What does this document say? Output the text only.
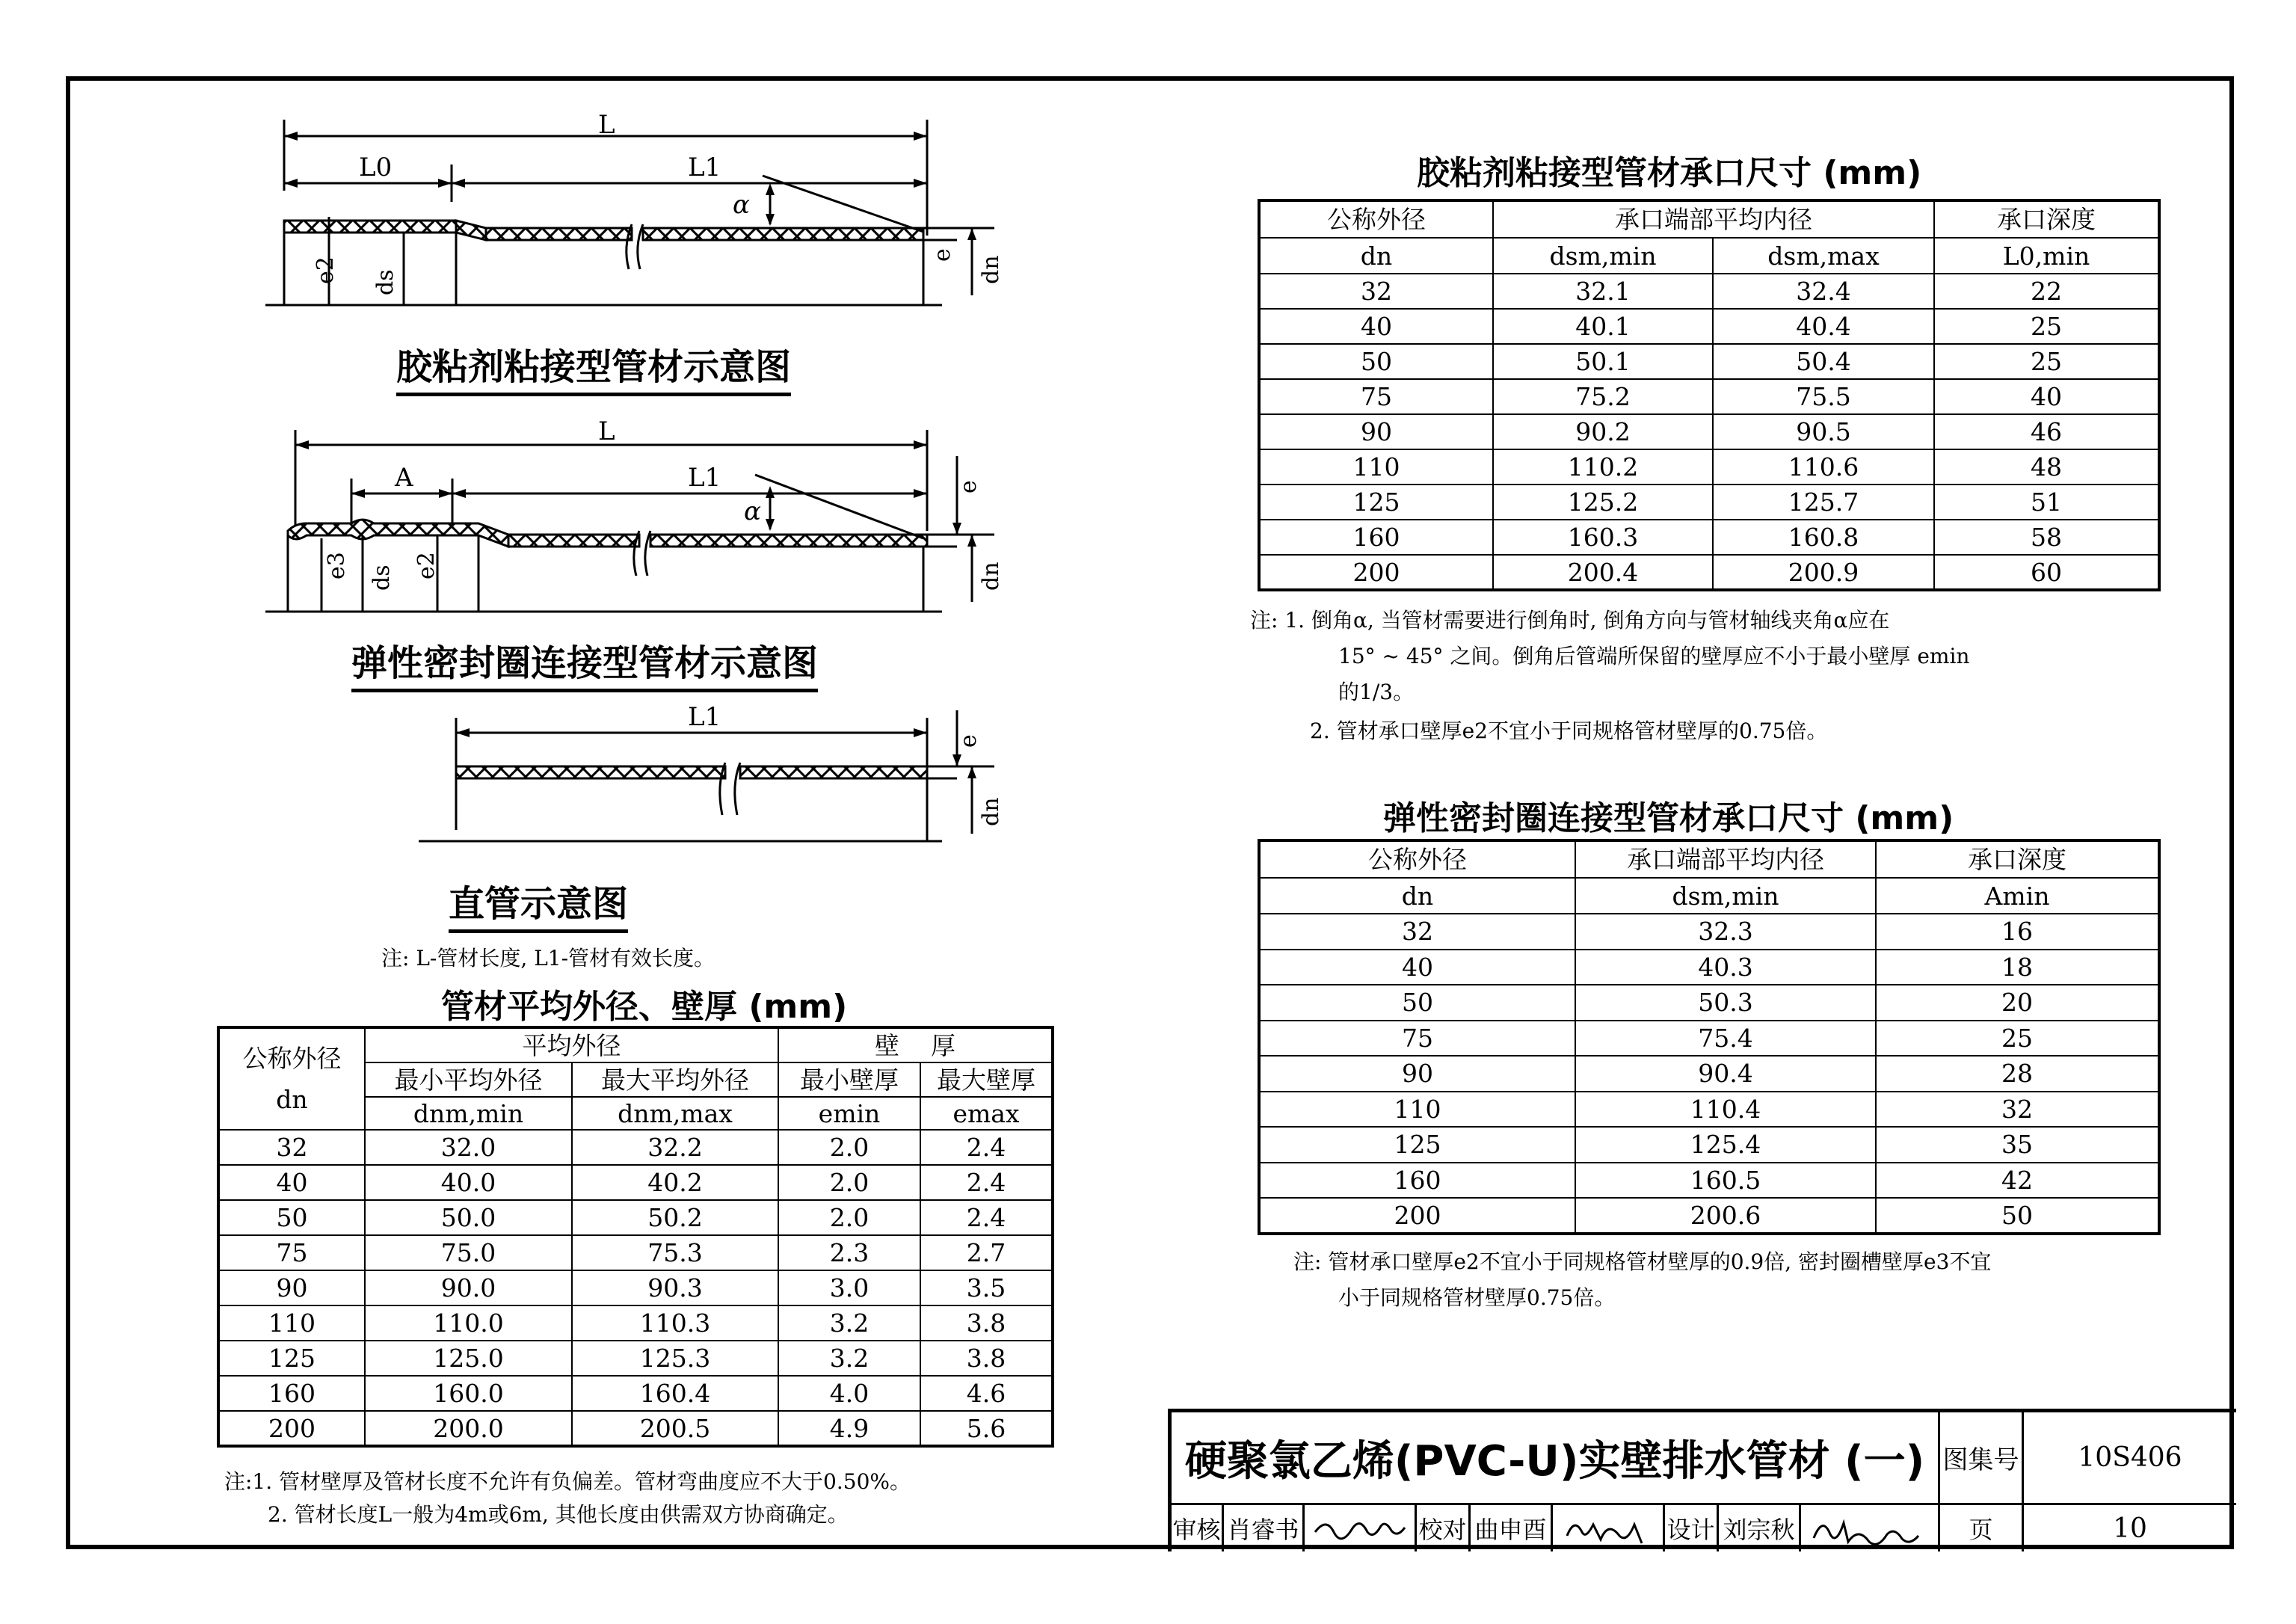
L
L0	L1
α
e2 ds
e
dn
胶粘剂粘接型管材示意图
L
A	L1
α
e
e3 ds e2	dn
弹性密封圈连接型管材示意图
L1
e
dn
直管示意图
注: L-管材长度, L1-管材有效长度。
管材平均外径、壁厚 (mm)
公称外径
dn	平均外径		壁    厚	
	最小平均外径	最大平均外径	最小壁厚	最大壁厚
	dnm,min	dnm,max	emin	emax
32	32.0	32.2	2.0	2.4
40	40.0	40.2	2.0	2.4
50	50.0	50.2	2.0	2.4
75	75.0	75.3	2.3	2.7
90	90.0	90.3	3.0	3.5
110	110.0	110.3	3.2	3.8
125	125.0	125.3	3.2	3.8
160	160.0	160.4	4.0	4.6
200	200.0	200.5	4.9	5.6
注:1. 管材壁厚及管材长度不允许有负偏差。管材弯曲度应不大于0.50%。
2. 管材长度L一般为4m或6m, 其他长度由供需双方协商确定。
胶粘剂粘接型管材承口尺寸 (mm)
公称外径	承口端部平均内径		承口深度
dn	dsm,min	dsm,max	L0,min
32	32.1	32.4	22
40	40.1	40.4	25
50	50.1	50.4	25
75	75.2	75.5	40
90	90.2	90.5	46
110	110.2	110.6	48
125	125.2	125.7	51
160	160.3	160.8	58
200	200.4	200.9	60
注: 1. 倒角α, 当管材需要进行倒角时, 倒角方向与管材轴线夹角α应在
15° ~ 45° 之间。倒角后管端所保留的壁厚应不小于最小壁厚 emin
的1/3。
2. 管材承口壁厚e2不宜小于同规格管材壁厚的0.75倍。
弹性密封圈连接型管材承口尺寸 (mm)
公称外径	承口端部平均内径	承口深度
dn	dsm,min	Amin
32	32.3	16
40	40.3	18
50	50.3	20
75	75.4	25
90	90.4	28
110	110.4	32
125	125.4	35
160	160.5	42
200	200.6	50
注: 管材承口壁厚e2不宜小于同规格管材壁厚的0.9倍, 密封圈槽壁厚e3不宜
小于同规格管材壁厚0.75倍。
硬聚氯乙烯(PVC-U)实壁排水管材 (一) 图集号	10S406
审核 肖睿书	校对 曲申酉	设计 刘宗秋	页	10
